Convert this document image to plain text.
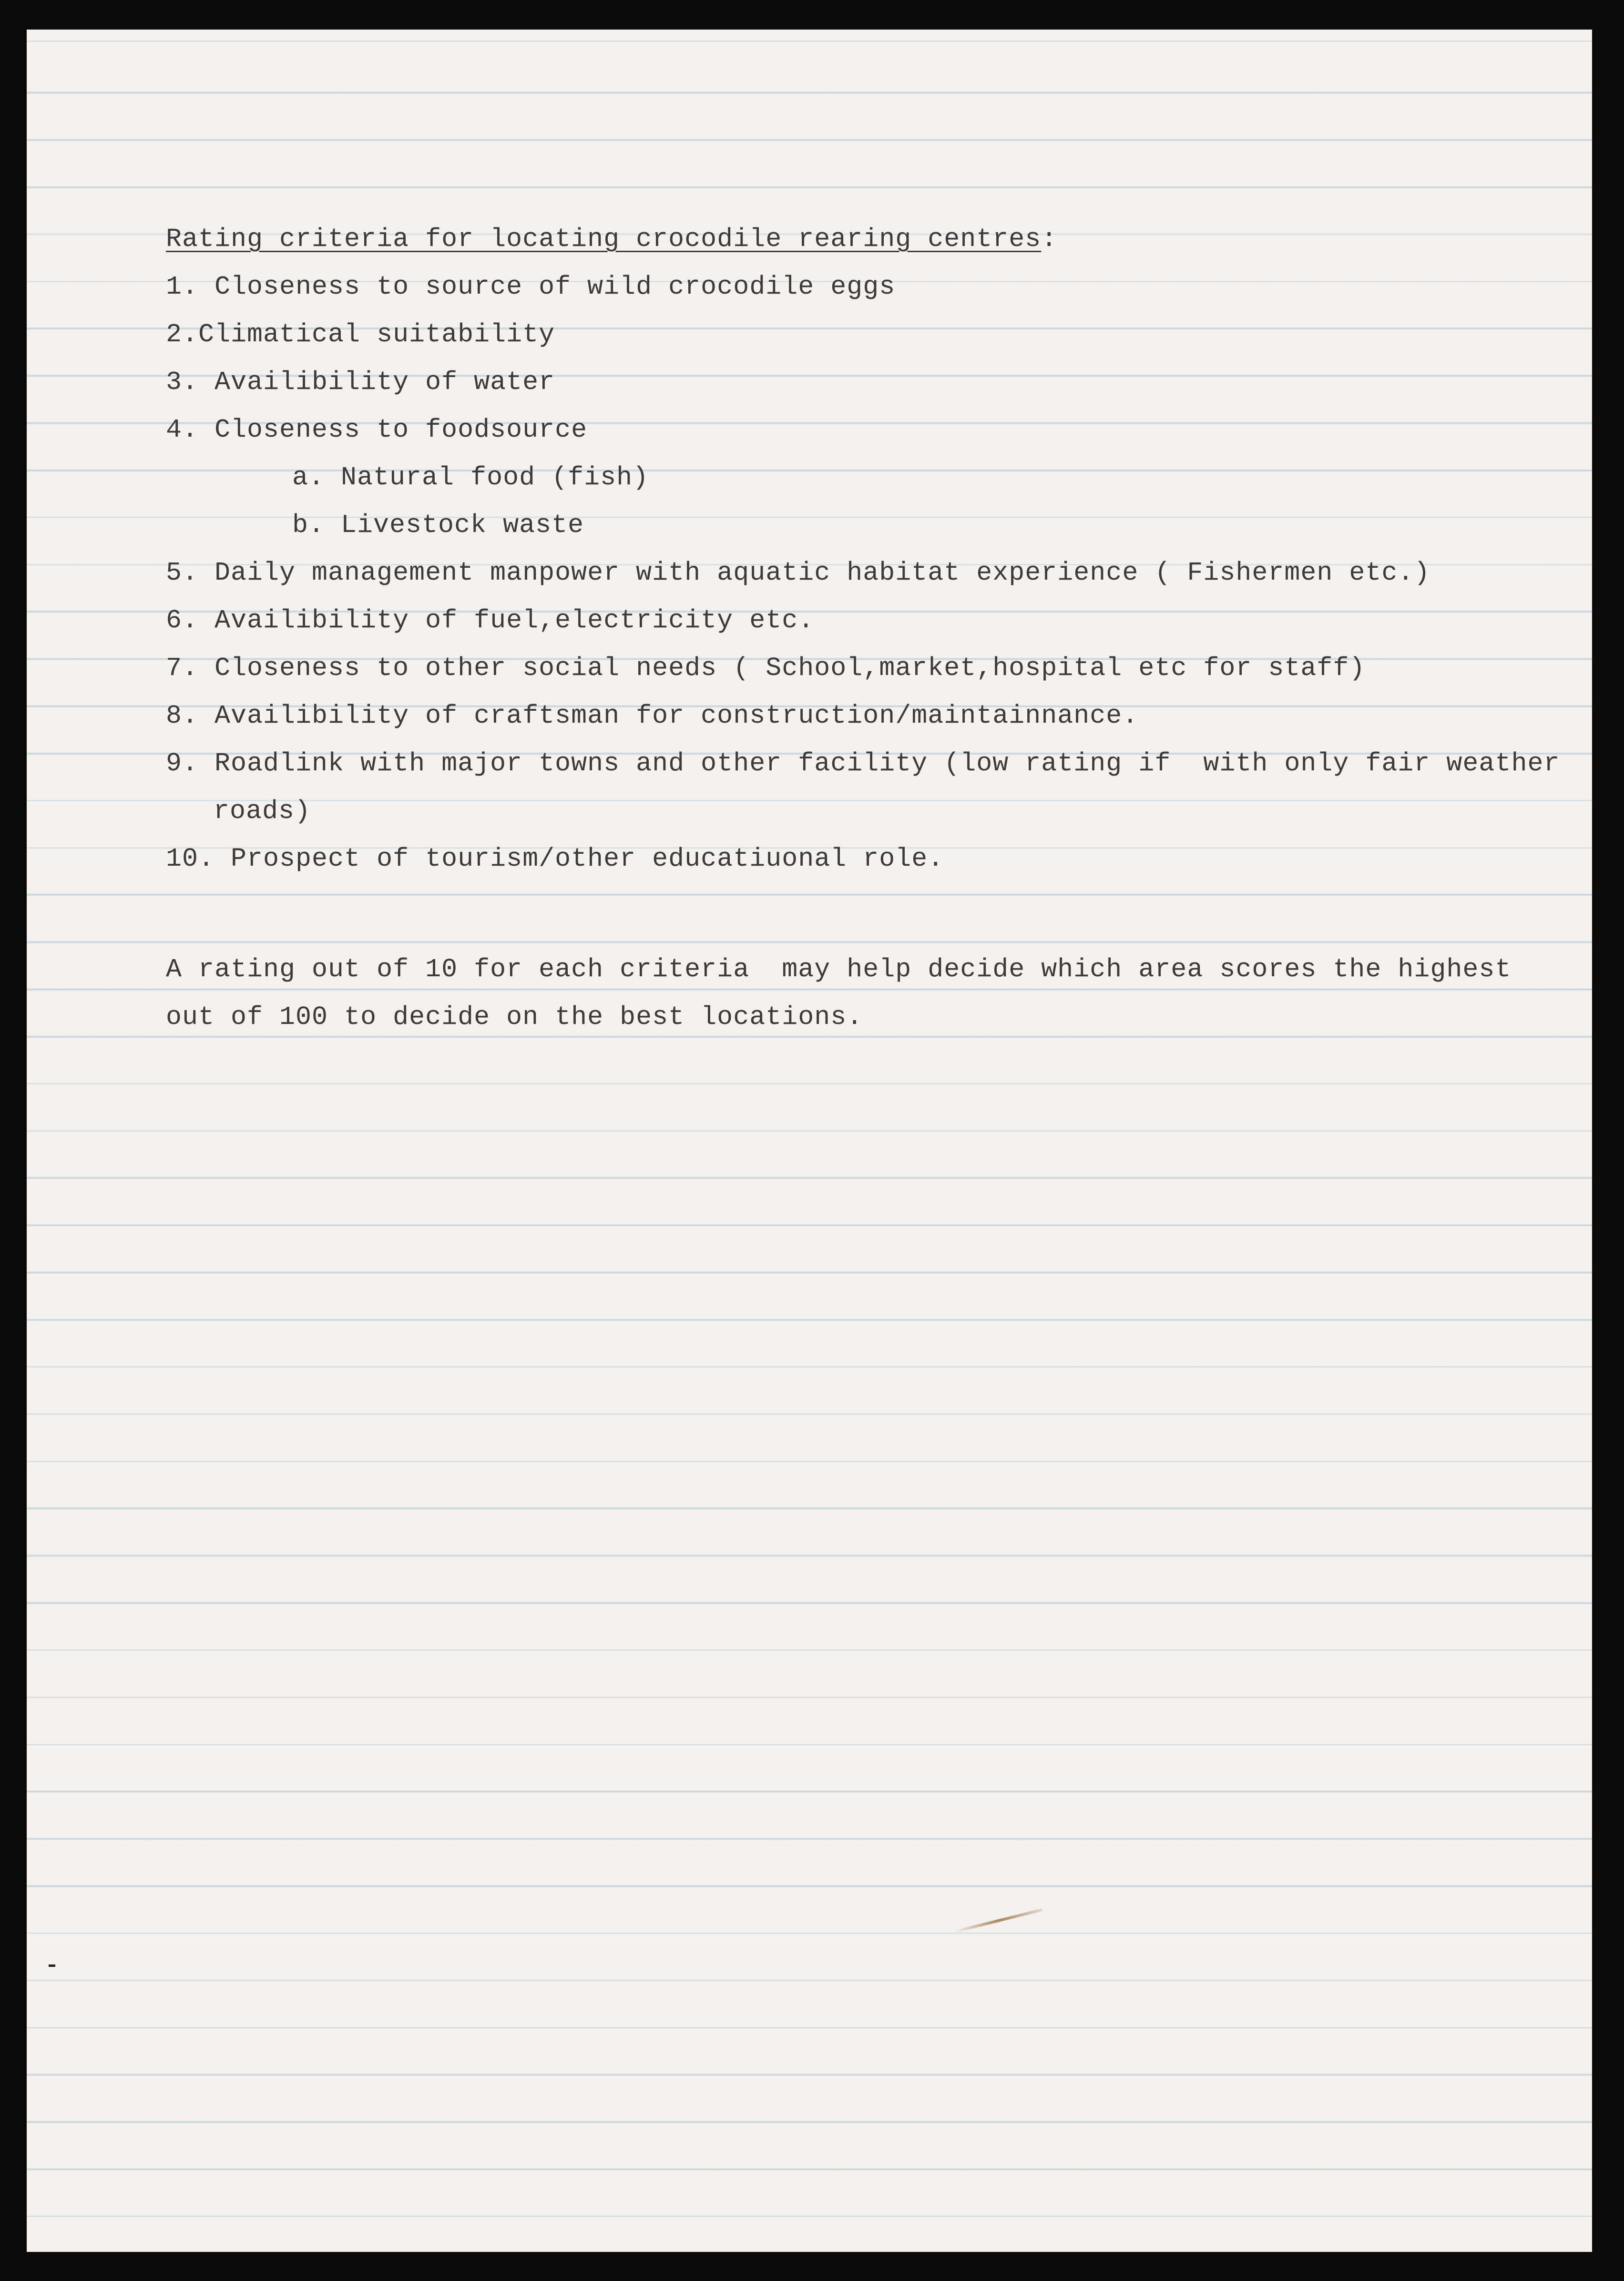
Rating criteria for locating crocodile rearing centres:
1. Closeness to source of wild crocodile eggs
2.Climatical suitability
3. Availibility of water
4. Closeness to foodsource
a. Natural food (fish)
b. Livestock waste
5. Daily management manpower with aquatic habitat experience ( Fishermen etc.)
6. Availibility of fuel,electricity etc.
7. Closeness to other social needs ( School,market,hospital etc for staff)
8. Availibility of craftsman for construction/maintainnance.
9. Roadlink with major towns and other facility (low rating if  with only fair weather
roads)
10. Prospect of tourism/other educatiuonal role.
A rating out of 10 for each criteria  may help decide which area scores the highest
out of 100 to decide on the best locations.
